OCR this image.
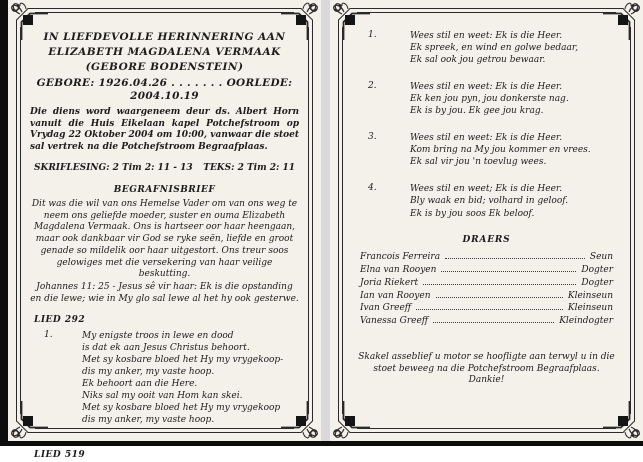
IN LIEFDEVOLLE HERINNERING AAN
ELIZABETH MAGDALENA VERMAAK
(GEBORE BODENSTEIN)
GEBORE: 1926.04.26 . . . . . . . OORLEDE: 2004.10.19
Die diens word waargeneem deur ds. Albert Horn vanuit die Huis Eikelaan kapel Potchefstroom op Vrydag 22 Oktober 2004 om 10:00, vanwaar die stoet sal vertrek na die Potchefstroom Begraafplaas.
SKRIFLESING: 2 Tim 2: 11 - 13 TEKS: 2 Tim 2: 11
BEGRAFNISBRIEF
Dit was die wil van ons Hemelse Vader om van ons weg te neem ons geliefde moeder, suster en ouma Elizabeth Magdalena Vermaak. Ons is hartseer oor haar heengaan, maar ook dankbaar vir God se ryke seën, liefde en groot genade so mildelik oor haar uitgestort. Ons treur soos gelowiges met die versekering van haar veilige beskutting.
Johannes 11: 25 - Jesus sê vir haar: Ek is die opstanding en die lewe; wie in My glo sal lewe al het hy ook gesterwe.
LIED 292
1.	My enigste troos in lewe en dood
is dat ek aan Jesus Christus behoort.
Met sy kosbare bloed het Hy my vrygekoop-
dis my anker, my vaste hoop.
Ek behoort aan die Here.
Niks sal my ooit van Hom kan skei.
Met sy kosbare bloed het Hy my vrygekoop
dis my anker, my vaste hoop.
LIED 519
1.	Wees stil en weet: Ek is die Heer.
Ek spreek, en wind en golwe bedaar,
Ek sal ook jou getrou bewaar.
2.	Wees stil en weet: Ek is die Heer.
Ek ken jou pyn, jou donkerste nag.
Ek is by jou. Ek gee jou krag.
3.	Wees stil en weet: Ek is die Heer.
Kom bring na My jou kommer en vrees.
Ek sal vir jou 'n toevlug wees.
4.	Wees stil en weet; Ek is die Heer.
Bly waak en bid; volhard in geloof.
Ek is by jou soos Ek beloof.
DRAERS
Francois Ferreira	Seun
Elna van Rooyen	Dogter
Joria Riekert	Dogter
Ian van Rooyen	Kleinseun
Ivan Greeff	Kleinseun
Vanessa Greeff	Kleindogter
Skakel asseblief u motor se hoofligte aan terwyl u in die stoet beweeg na die Potchefstroom Begraafplaas. Dankie!
